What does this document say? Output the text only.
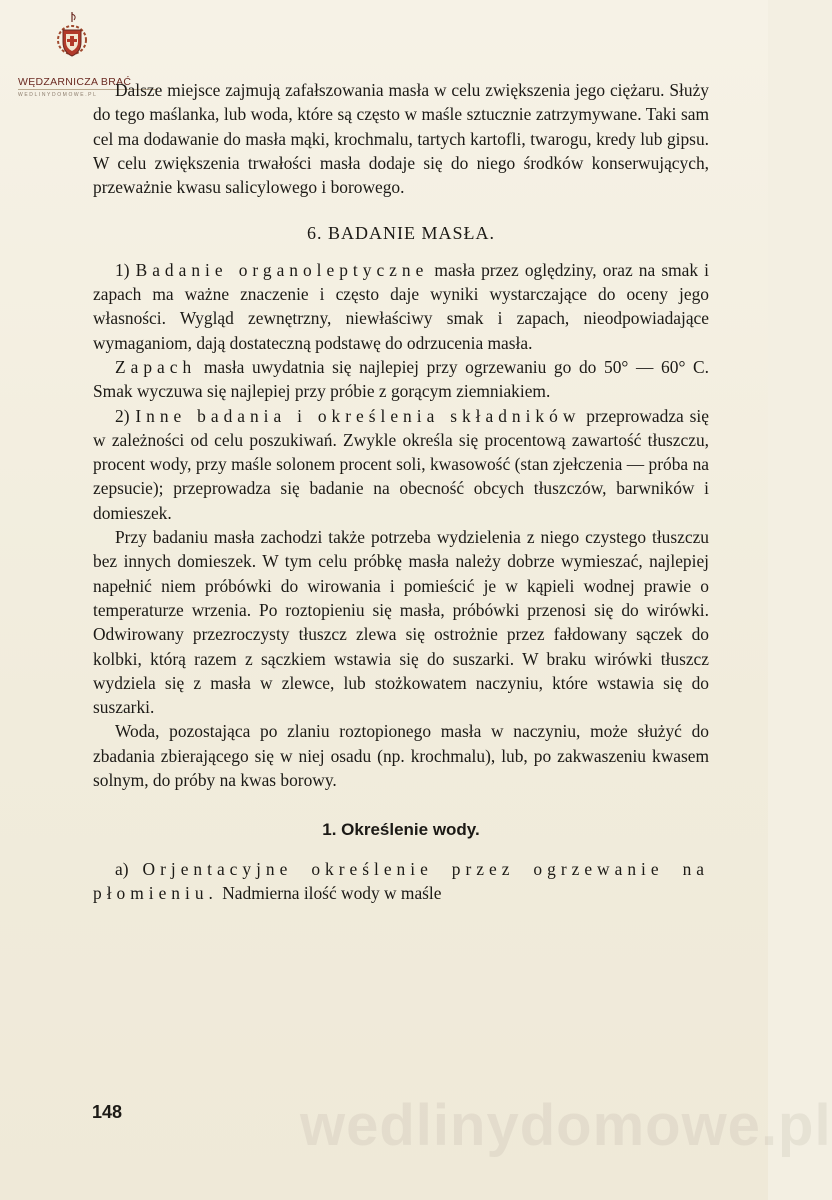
WĘDZARNICZA BRAĆ
WEDLINYDOMOWE.PL	Dalsze miejsce zajmują zafałszowania masła w celu zwiększenia jego ciężaru. Służy do tego maślanka, lub woda, które są często w maśle sztucznie zatrzymywane. Taki sam cel ma dodawanie do masła mąki, krochmalu, tartych kartofli, twarogu, kredy lub gipsu. W celu zwiększenia trwałości masła dodaje się do niego środków konserwujących, przeważnie kwasu salicylowego i borowego.

6. BADANIE MASŁA.

1) Badanie organoleptyczne masła przez oględziny, oraz na smak i zapach ma ważne znaczenie i często daje wyniki wystarczające do oceny jego własności. Wygląd zewnętrzny, niewłaściwy smak i zapach, nieodpowiadające wymaganiom, dają dostateczną podstawę do odrzucenia masła.

Zapach masła uwydatnia się najlepiej przy ogrzewaniu go do 50° — 60° C. Smak wyczuwa się najlepiej przy próbie z gorącym ziemniakiem.

2) Inne badania i określenia składników przeprowadza się w zależności od celu poszukiwań. Zwykle określa się procentową zawartość tłuszczu, procent wody, przy maśle solonem procent soli, kwasowość (stan zjełczenia — próba na zepsucie); przeprowadza się badanie na obecność obcych tłuszczów, barwników i domieszek.

Przy badaniu masła zachodzi także potrzeba wydzielenia z niego czystego tłuszczu bez innych domieszek. W tym celu próbkę masła należy dobrze wymieszać, najlepiej napełnić niem próbówki do wirowania i pomieścić je w kąpieli wodnej prawie o temperaturze wrzenia. Po roztopieniu się masła, próbówki przenosi się do wirówki. Odwirowany przezroczysty tłuszcz zlewa się ostrożnie przez fałdowany sączek do kolbki, którą razem z sączkiem wstawia się do suszarki. W braku wirówki tłuszcz wydziela się z masła w zlewce, lub stożkowatem naczyniu, które wstawia się do suszarki.

Woda, pozostająca po zlaniu roztopionego masła w naczyniu, może służyć do zbadania zbierającego się w niej osadu (np. krochmalu), lub, po zakwaszeniu kwasem solnym, do próby na kwas borowy.

1. Określenie wody.

a) Orjentacyjne określenie przez ogrzewanie na płomieniu. Nadmierna ilość wody w maśle

wedlinydomowe.pl
148
